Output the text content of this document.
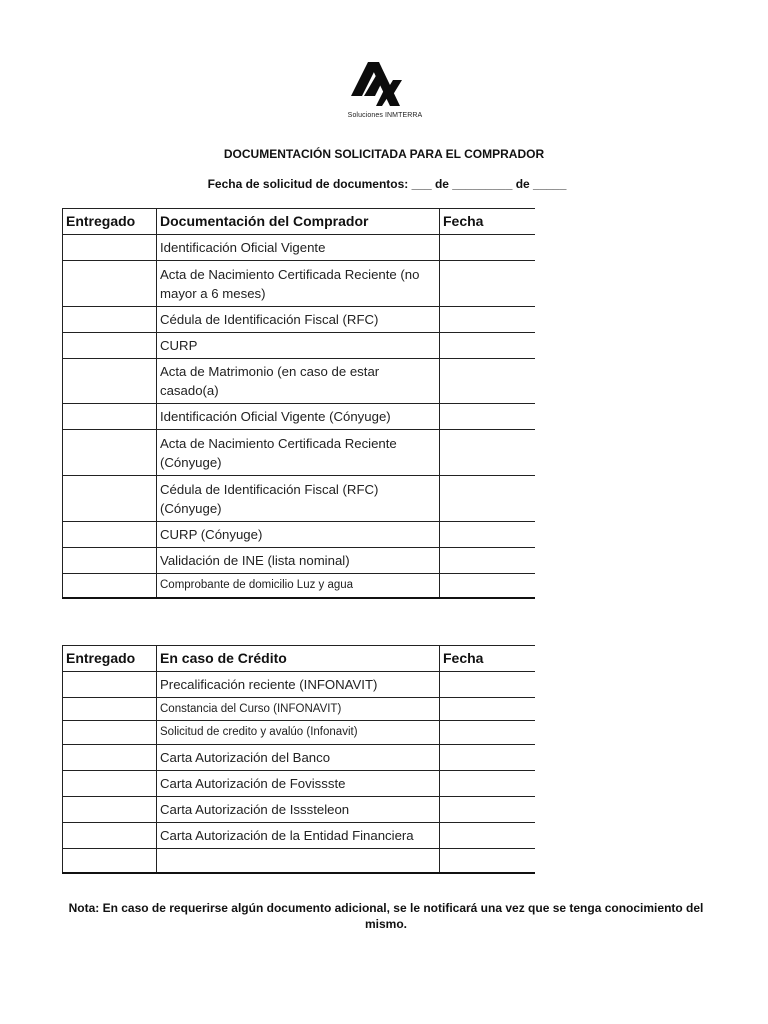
Soluciones INMTERRA
DOCUMENTACIÓN SOLICITADA PARA EL COMPRADOR
Fecha de solicitud de documentos: ___ de _________ de _____
Entregado	Documentación del Comprador	Fecha
	Identificación Oficial Vigente	
	Acta de Nacimiento Certificada Reciente (no mayor a 6 meses)	
	Cédula de Identificación Fiscal (RFC)	
	CURP	
	Acta de Matrimonio (en caso de estar casado(a)	
	Identificación Oficial Vigente (Cónyuge)	
	Acta de Nacimiento Certificada Reciente (Cónyuge)	
	Cédula de Identificación Fiscal (RFC) (Cónyuge)	
	CURP (Cónyuge)	
	Validación de INE (lista nominal)	
	Comprobante de domicilio Luz y agua	
Entregado	En caso de Crédito	Fecha
	Precalificación reciente (INFONAVIT)	
	Constancia del Curso (INFONAVIT)	
	Solicitud de credito y avalúo (Infonavit)	
	Carta Autorización del Banco	
	Carta Autorización de Fovissste	
	Carta Autorización de Isssteleon	
	Carta Autorización de la Entidad Financiera	

Nota: En caso de requerirse algún documento adicional, se le notificará una vez que se tenga conocimiento del mismo.
